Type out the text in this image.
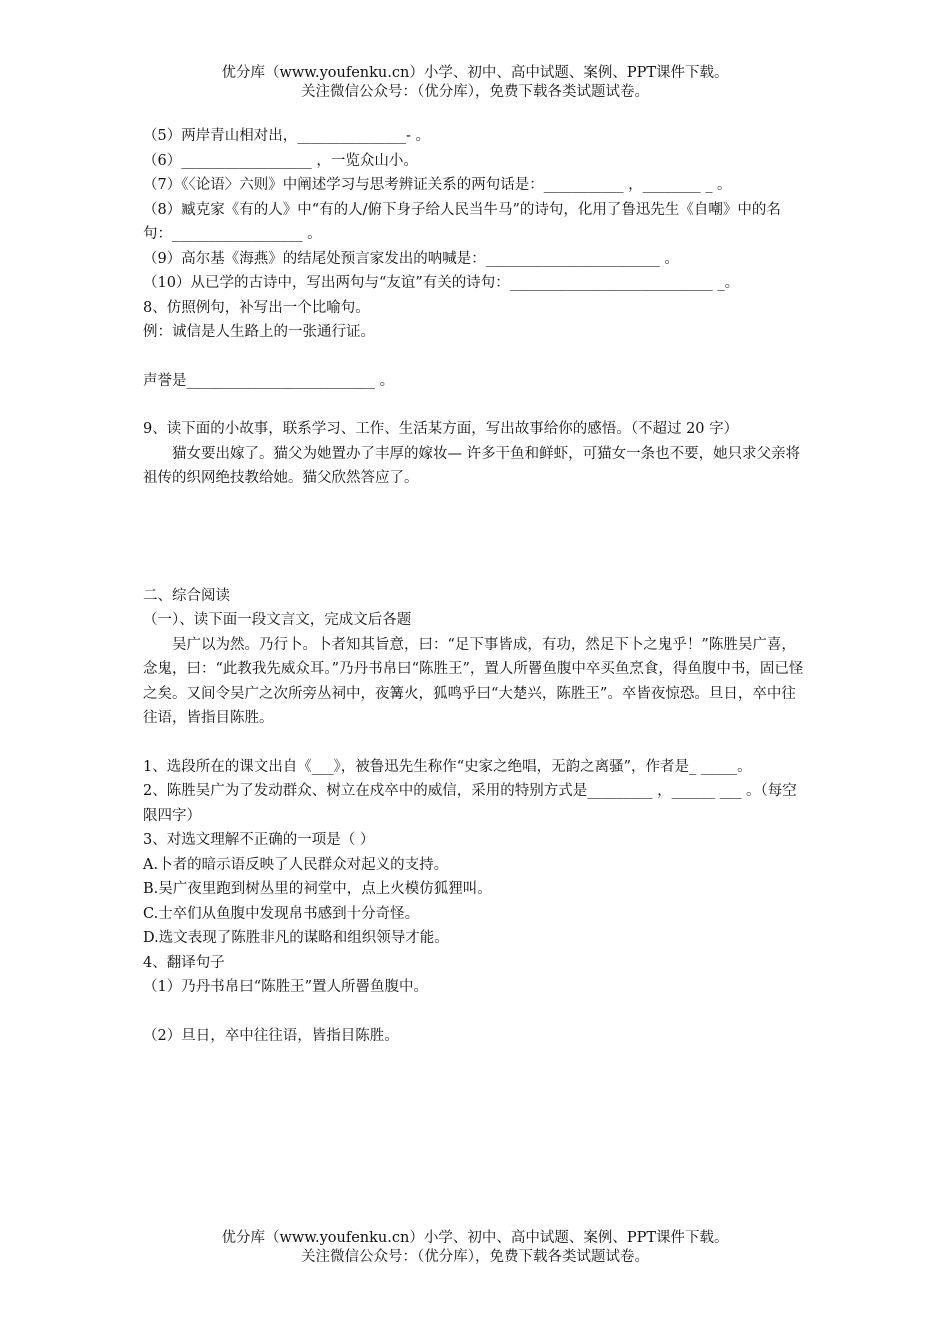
优分库（www.youfenku.cn）小学、初中、高中试题、案例、PPT课件下载。
关注微信公众号：（优分库），免费下载各类试题试卷。
（5）两岸青山相对出，_______________- 。
（6）__________________ ，一览众山小。
（7）《〈论语〉六则》中阐述学习与思考辨证关系的两句话是：___________ ，________ _ 。
（8）臧克家《有的人》中“有的人/俯下身子给人民当牛马”的诗句，化用了鲁迅先生《自嘲》中的名句：__________________ 。
（9）高尔基《海燕》的结尾处预言家发出的呐喊是：________________________ 。
（10）从已学的古诗中，写出两句与“友谊”有关的诗句：____________________________ _。
8、仿照例句，补写出一个比喻句。
例：诚信是人生路上的一张通行证。
声誉是__________________________ 。
9、读下面的小故事，联系学习、工作、生活某方面，写出故事给你的感悟。（不超过 20 字）
猫女要出嫁了。猫父为她置办了丰厚的嫁妆— 许多干鱼和鲜虾，可猫女一条也不要，她只求父亲将祖传的织网绝技教给她。猫父欣然答应了。
二、综合阅读
（一）、读下面一段文言文，完成文后各题
吴广以为然。乃行卜。卜者知其旨意，曰：“足下事皆成，有功，然足下卜之鬼乎！”陈胜吴广喜，念鬼，曰：“此教我先威众耳。”乃丹书帛曰“陈胜王”，置人所罾鱼腹中卒买鱼烹食，得鱼腹中书，固已怪之矣。又间令吴广之次所旁丛祠中，夜篝火，狐鸣乎曰“大楚兴，陈胜王”。卒皆夜惊恐。旦日，卒中往往语，皆指目陈胜。
1、选段所在的课文出自《___》，被鲁迅先生称作“史家之绝唱，无韵之离骚”，作者是_ _____。
2、陈胜吴广为了发动群众、树立在戍卒中的威信，采用的特别方式是_________ ，______ ___ 。（每空限四字）
3、对选文理解不正确的一项是（ ）
A.卜者的暗示语反映了人民群众对起义的支持。
B.吴广夜里跑到树丛里的祠堂中，点上火模仿狐狸叫。
C.士卒们从鱼腹中发现帛书感到十分奇怪。
D.选文表现了陈胜非凡的谋略和组织领导才能。
4、翻译句子
（1）乃丹书帛曰“陈胜王”置人所罾鱼腹中。
（2）旦日，卒中往往语，皆指目陈胜。
优分库（www.youfenku.cn）小学、初中、高中试题、案例、PPT课件下载。
关注微信公众号：（优分库），免费下载各类试题试卷。
